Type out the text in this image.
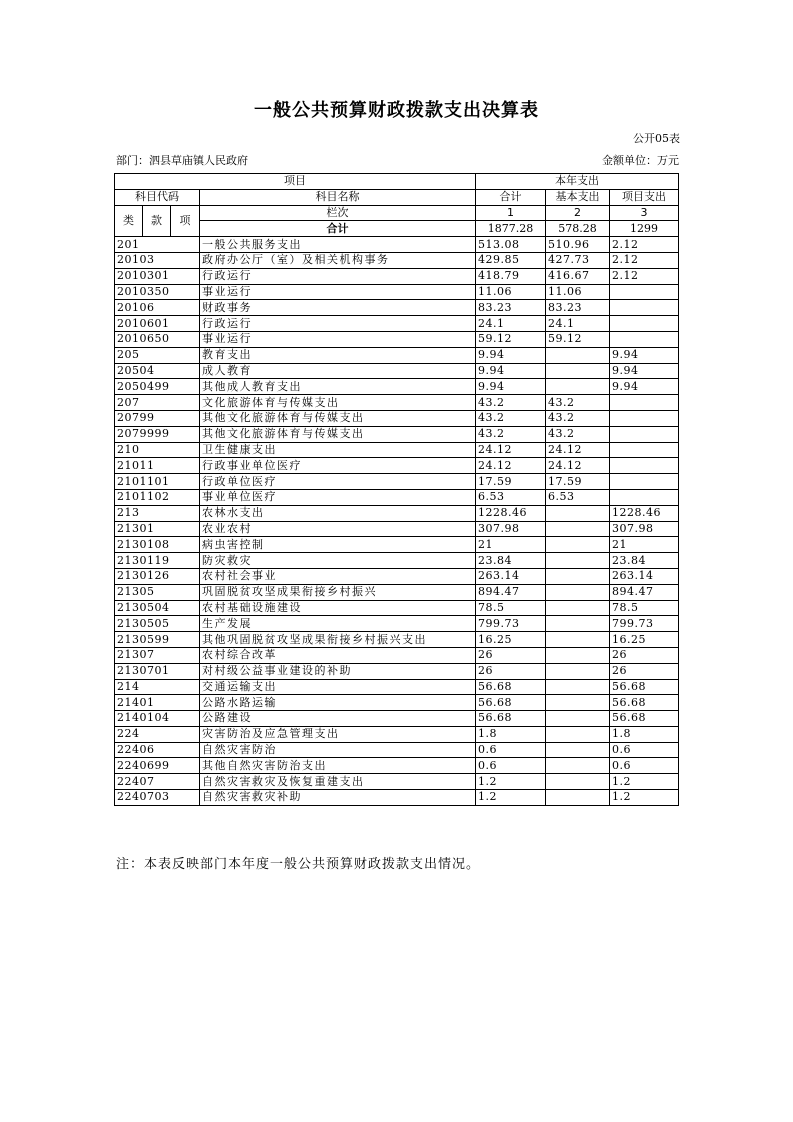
一般公共预算财政拨款支出决算表
公开05表
部门：泗县草庙镇人民政府	金额单位：万元
项目				本年支出		
科目代码			科目名称	合计	基本支出	项目支出
类	款	项	栏次	1	2	3
			合计	1877.28	578.28	1299
201			一般公共服务支出	513.08	510.96	2.12
20103			政府办公厅（室）及相关机构事务	429.85	427.73	2.12
2010301			行政运行	418.79	416.67	2.12
2010350			事业运行	11.06	11.06	
20106			财政事务	83.23	83.23	
2010601			行政运行	24.1	24.1	
2010650			事业运行	59.12	59.12	
205			教育支出	9.94		9.94
20504			成人教育	9.94		9.94
2050499			其他成人教育支出	9.94		9.94
207			文化旅游体育与传媒支出	43.2	43.2	
20799			其他文化旅游体育与传媒支出	43.2	43.2	
2079999			其他文化旅游体育与传媒支出	43.2	43.2	
210			卫生健康支出	24.12	24.12	
21011			行政事业单位医疗	24.12	24.12	
2101101			行政单位医疗	17.59	17.59	
2101102			事业单位医疗	6.53	6.53	
213			农林水支出	1228.46		1228.46
21301			农业农村	307.98		307.98
2130108			病虫害控制	21		21
2130119			防灾救灾	23.84		23.84
2130126			农村社会事业	263.14		263.14
21305			巩固脱贫攻坚成果衔接乡村振兴	894.47		894.47
2130504			农村基础设施建设	78.5		78.5
2130505			生产发展	799.73		799.73
2130599			其他巩固脱贫攻坚成果衔接乡村振兴支出	16.25		16.25
21307			农村综合改革	26		26
2130701			对村级公益事业建设的补助	26		26
214			交通运输支出	56.68		56.68
21401			公路水路运输	56.68		56.68
2140104			公路建设	56.68		56.68
224			灾害防治及应急管理支出	1.8		1.8
22406			自然灾害防治	0.6		0.6
2240699			其他自然灾害防治支出	0.6		0.6
22407			自然灾害救灾及恢复重建支出	1.2		1.2
2240703			自然灾害救灾补助	1.2		1.2
注：本表反映部门本年度一般公共预算财政拨款支出情况。
